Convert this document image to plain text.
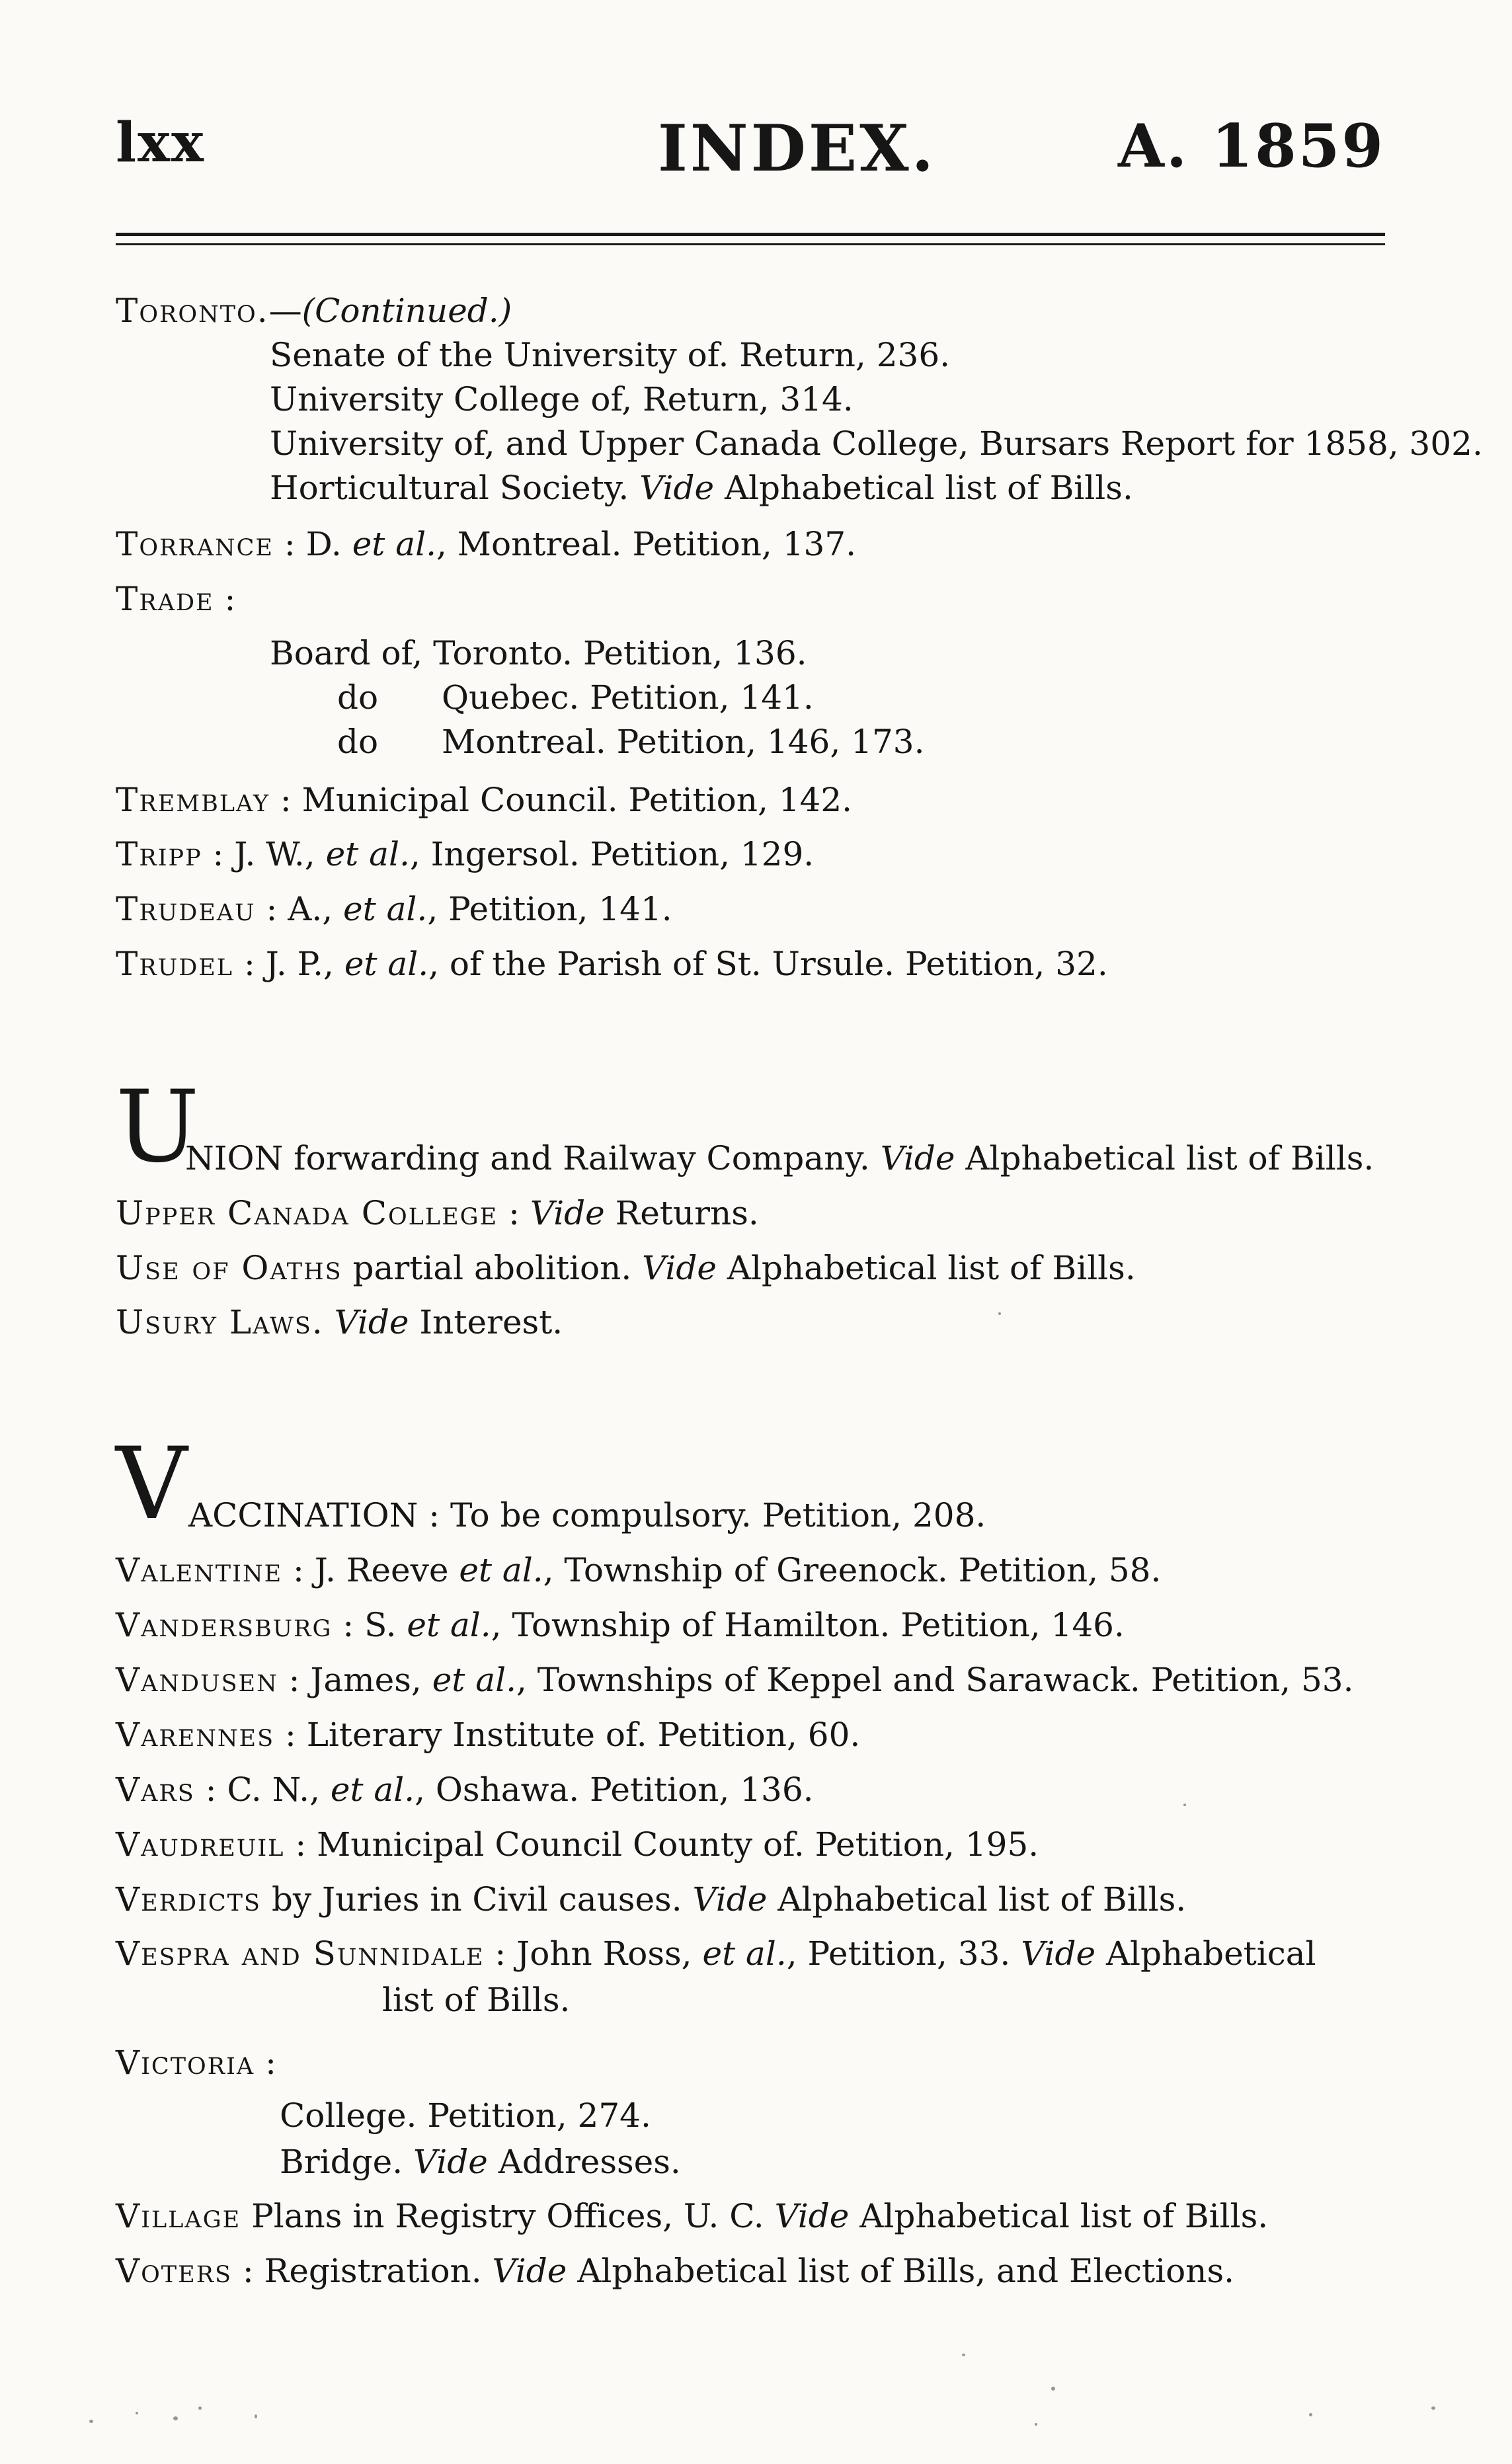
lxx	INDEX.	A. 1859
Toronto.—(Continued.)
Senate of the University of. Return, 236.
University College of, Return, 314.
University of, and Upper Canada College, Bursars Report for 1858, 302.
Horticultural Society. Vide Alphabetical list of Bills.
Torrance : D. et al., Montreal. Petition, 137.
Trade :
Board of, Toronto. Petition, 136.
do Quebec. Petition, 141.
do Montreal. Petition, 146, 173.
Tremblay : Municipal Council. Petition, 142.
Tripp : J. W., et al., Ingersol. Petition, 129.
Trudeau : A., et al., Petition, 141.
Trudel : J. P., et al., of the Parish of St. Ursule. Petition, 32.
U
NION forwarding and Railway Company. Vide Alphabetical list of Bills.
Upper Canada College : Vide Returns.
Use of Oaths partial abolition. Vide Alphabetical list of Bills.
Usury Laws. Vide Interest.
V ACCINATION : To be compulsory. Petition, 208.
Valentine : J. Reeve et al., Township of Greenock. Petition, 58.
Vandersburg : S. et al., Township of Hamilton. Petition, 146.
Vandusen : James, et al., Townships of Keppel and Sarawack. Petition, 53.
Varennes : Literary Institute of. Petition, 60.
Vars : C. N., et al., Oshawa. Petition, 136.
Vaudreuil : Municipal Council County of. Petition, 195.
Verdicts by Juries in Civil causes. Vide Alphabetical list of Bills.
Vespra and Sunnidale : John Ross, et al., Petition, 33. Vide Alphabetical
list of Bills.
Victoria :
College. Petition, 274.
Bridge. Vide Addresses.
Village Plans in Registry Offices, U. C. Vide Alphabetical list of Bills.
Voters : Registration. Vide Alphabetical list of Bills, and Elections.
